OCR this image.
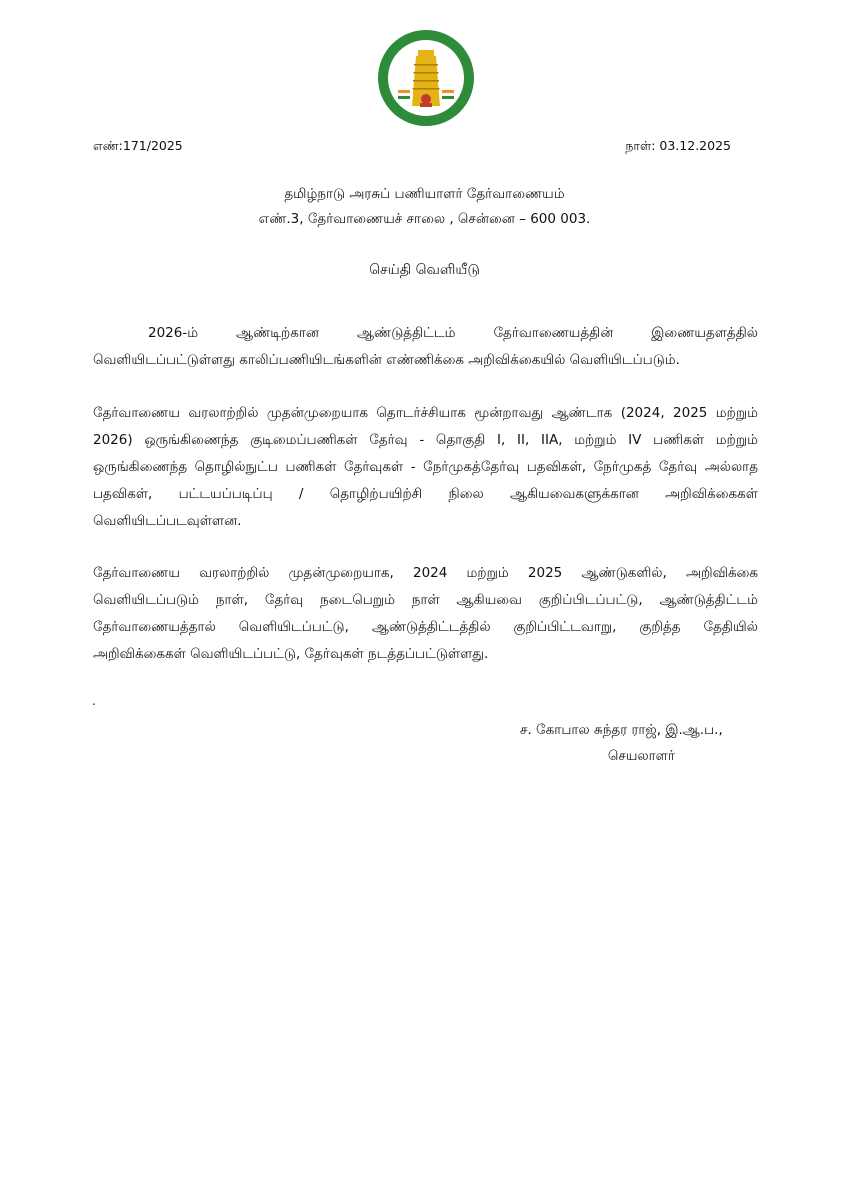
எண்:171/2025	நாள்: 03.12.2025
தமிழ்நாடு அரசுப் பணியாளர் தேர்வாணையம்
எண்.3, தேர்வாணையச் சாலை , சென்னை – 600 003.
செய்தி வெளியீடு

2026-ம் ஆண்டிற்கான ஆண்டுத்திட்டம் தேர்வாணையத்தின் இணையதளத்தில் வெளியிடப்பட்டுள்ளது காலிப்பணியிடங்களின் எண்ணிக்கை அறிவிக்கையில் வெளியிடப்படும்.

தேர்வாணைய வரலாற்றில் முதன்முறையாக தொடர்ச்சியாக மூன்றாவது ஆண்டாக (2024, 2025 மற்றும் 2026) ஒருங்கிணைந்த குடிமைப்பணிகள் தேர்வு - தொகுதி I, II, IIA, மற்றும் IV பணிகள் மற்றும் ஒருங்கிணைந்த தொழில்நுட்ப பணிகள் தேர்வுகள் - நேர்முகத்தேர்வு பதவிகள், நேர்முகத் தேர்வு அல்லாத பதவிகள், பட்டயப்படிப்பு / தொழிற்பயிற்சி நிலை ஆகியவைகளுக்கான அறிவிக்கைகள் வெளியிடப்படவுள்ளன.

தேர்வாணைய வரலாற்றில் முதன்முறையாக, 2024 மற்றும் 2025 ஆண்டுகளில், அறிவிக்கை வெளியிடப்படும் நாள், தேர்வு நடைபெறும் நாள் ஆகியவை குறிப்பிடப்பட்டு, ஆண்டுத்திட்டம் தேர்வாணையத்தால் வெளியிடப்பட்டு, ஆண்டுத்திட்டத்தில் குறிப்பிட்டவாறு, குறித்த தேதியில் அறிவிக்கைகள் வெளியிடப்பட்டு, தேர்வுகள் நடத்தப்பட்டுள்ளது.

.
ச. கோபால சுந்தர ராஜ், இ.ஆ.ப.,
செயலாளர்
